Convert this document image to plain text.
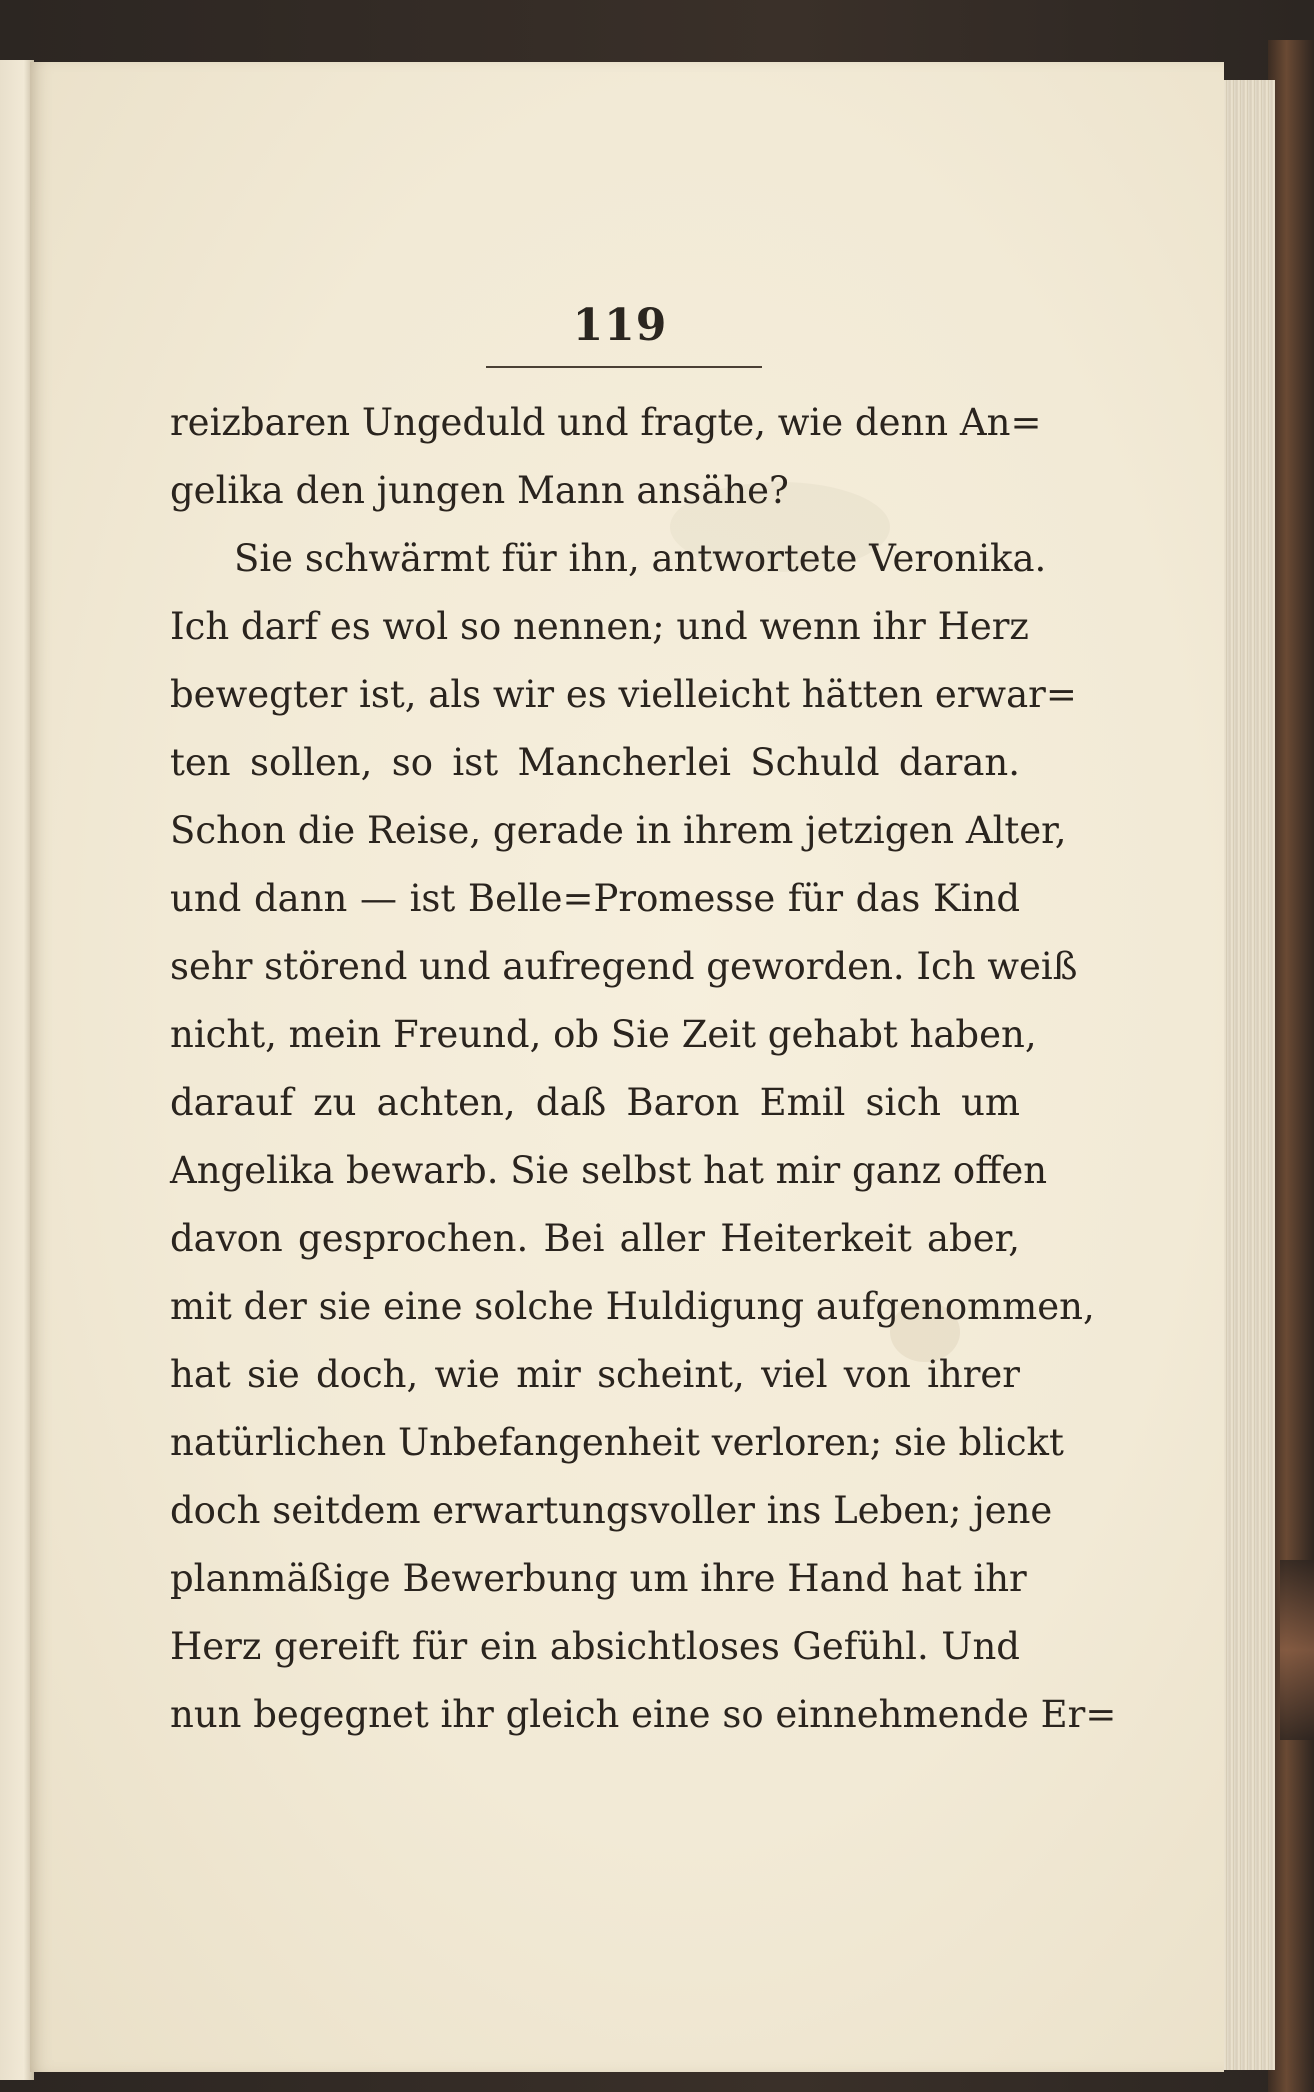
119
reizbaren Ungeduld und fragte, wie denn An=
gelika den jungen Mann ansähe?
Sie schwärmt für ihn, antwortete Veronika.
Ich darf es wol so nennen; und wenn ihr Herz
bewegter ist, als wir es vielleicht hätten erwar=
ten sollen, so ist Mancherlei Schuld daran.
Schon die Reise, gerade in ihrem jetzigen Alter,
und dann — ist Belle=Promesse für das Kind
sehr störend und aufregend geworden. Ich weiß
nicht, mein Freund, ob Sie Zeit gehabt haben,
darauf zu achten, daß Baron Emil sich um
Angelika bewarb. Sie selbst hat mir ganz offen
davon gesprochen. Bei aller Heiterkeit aber,
mit der sie eine solche Huldigung aufgenommen,
hat sie doch, wie mir scheint, viel von ihrer
natürlichen Unbefangenheit verloren; sie blickt
doch seitdem erwartungsvoller ins Leben; jene
planmäßige Bewerbung um ihre Hand hat ihr
Herz gereift für ein absichtloses Gefühl. Und
nun begegnet ihr gleich eine so einnehmende Er=
